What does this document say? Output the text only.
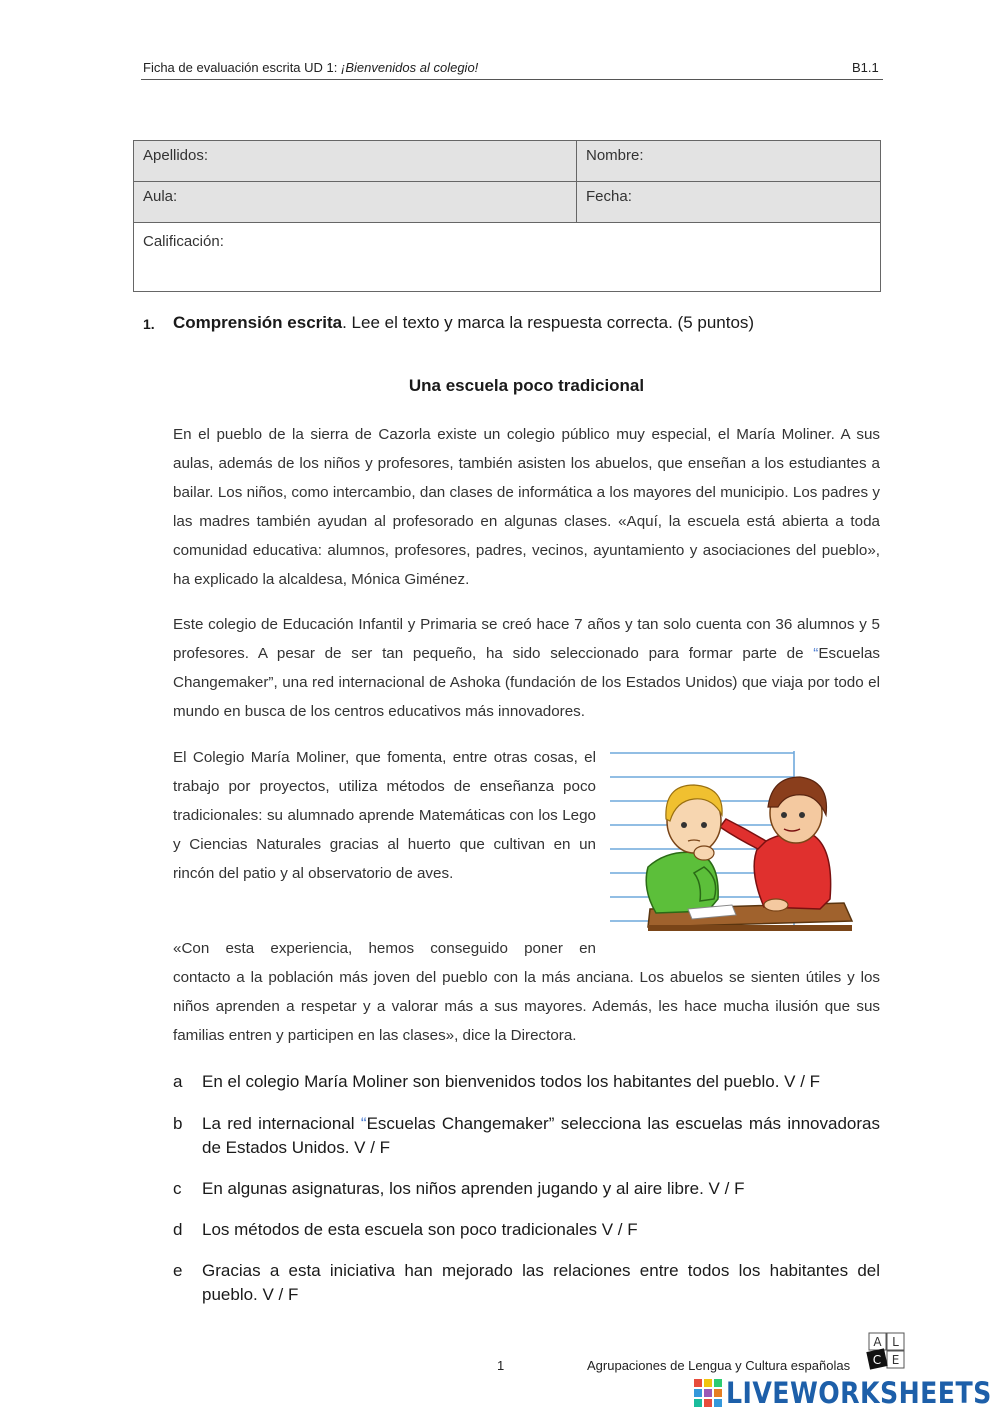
Ficha de evaluación escrita UD 1: ¡Bienvenidos al colegio!	B1.1
Apellidos:	Nombre:
Aula:	Fecha:
Calificación:	
1. Comprensión escrita. Lee el texto y marca la respuesta correcta. (5 puntos)
Una escuela poco tradicional

En el pueblo de la sierra de Cazorla existe un colegio público muy especial, el María Moliner. A sus aulas, además de los niños y profesores, también asisten los abuelos, que enseñan a los estudiantes a bailar. Los niños, como intercambio, dan clases de informática a los mayores del municipio. Los padres y las madres también ayudan al profesorado en algunas clases. «Aquí, la escuela está abierta a toda comunidad educativa: alumnos, profesores, padres, vecinos, ayuntamiento y asociaciones del pueblo», ha explicado la alcaldesa, Mónica Giménez.

Este colegio de Educación Infantil y Primaria se creó hace 7 años y tan solo cuenta con 36 alumnos y 5 profesores. A pesar de ser tan pequeño, ha sido seleccionado para formar parte de “Escuelas Changemaker”, una red internacional de Ashoka (fundación de los Estados Unidos) que viaja por todo el mundo en busca de los centros educativos más innovadores.

El Colegio María Moliner, que fomenta, entre otras cosas, el trabajo por proyectos, utiliza métodos de enseñanza poco tradicionales: su alumnado aprende Matemáticas con los Lego y Ciencias Naturales gracias al huerto que cultivan en un rincón del patio y al observatorio de aves.

«Con esta experiencia, hemos conseguido poner en
contacto a la población más joven del pueblo con la más anciana. Los abuelos se sienten útiles y los niños aprenden a respetar y a valorar más a sus mayores. Además, les hace mucha ilusión que sus familias entren y participen en las clases», dice la Directora.

a	En el colegio María Moliner son bienvenidos todos los habitantes del pueblo. V / F
b	La red internacional “Escuelas Changemaker” selecciona las escuelas más innovadoras de Estados Unidos. V / F
c	En algunas asignaturas, los niños aprenden jugando y al aire libre. V / F
d	Los métodos de esta escuela son poco tradicionales V / F
e	Gracias a esta iniciativa han mejorado las relaciones entre todos los habitantes del pueblo. V / F
1	Agrupaciones de Lengua y Cultura españolas
A L
C E
LIVEWORKSHEETS
